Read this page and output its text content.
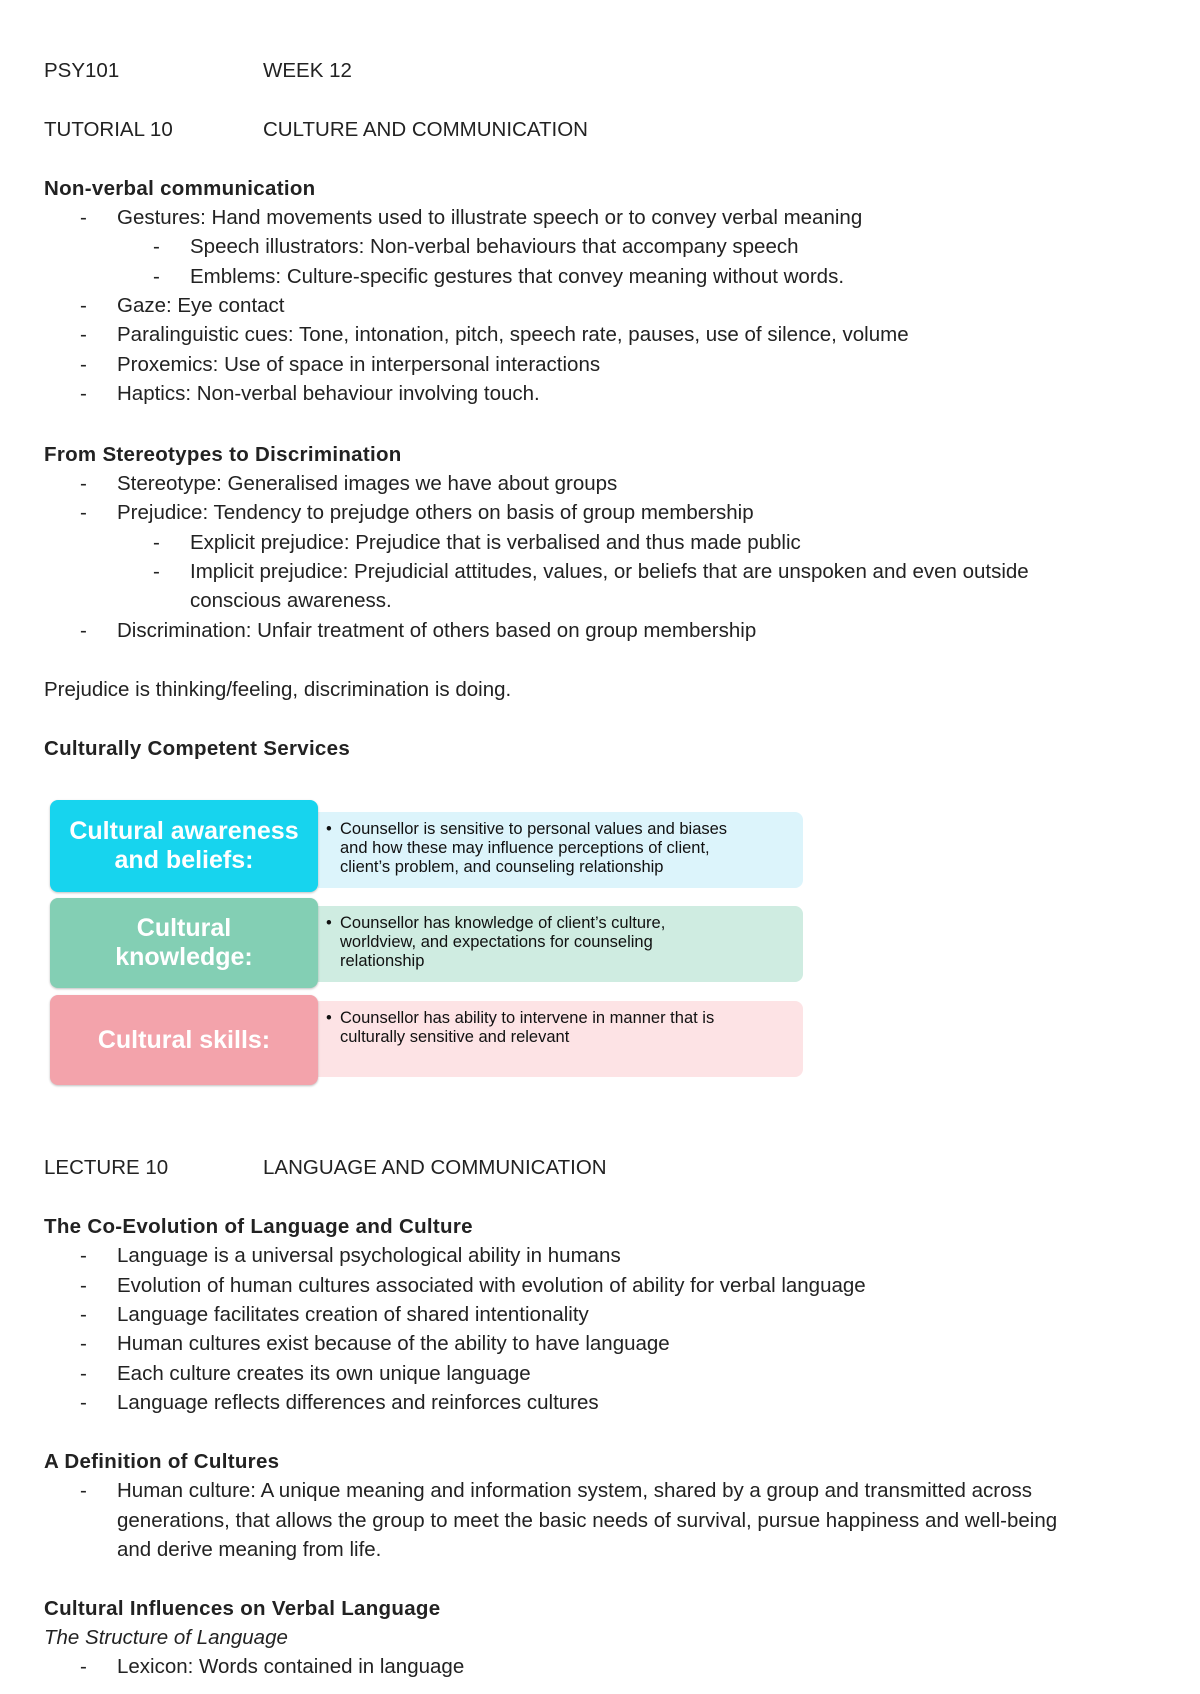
PSY101	WEEK 12
TUTORIAL 10	CULTURE AND COMMUNICATION
Non-verbal communication
- Gestures: Hand movements used to illustrate speech or to convey verbal meaning
- Speech illustrators: Non-verbal behaviours that accompany speech
- Emblems: Culture-specific gestures that convey meaning without words.
- Gaze: Eye contact
- Paralinguistic cues: Tone, intonation, pitch, speech rate, pauses, use of silence, volume
- Proxemics: Use of space in interpersonal interactions
- Haptics: Non-verbal behaviour involving touch.
From Stereotypes to Discrimination
- Stereotype: Generalised images we have about groups
- Prejudice: Tendency to prejudge others on basis of group membership
- Explicit prejudice: Prejudice that is verbalised and thus made public
- Implicit prejudice: Prejudicial attitudes, values, or beliefs that are unspoken and even outside
conscious awareness.
- Discrimination: Unfair treatment of others based on group membership
Prejudice is thinking/feeling, discrimination is doing.
Culturally Competent Services
• Counsellor is sensitive to personal values and biases
and how these may influence perceptions of client,
client’s problem, and counseling relationship
Cultural awareness
and beliefs:
• Counsellor has knowledge of client’s culture,
worldview, and expectations for counseling
relationship
Cultural
knowledge:
• Counsellor has ability to intervene in manner that is
culturally sensitive and relevant
Cultural skills:
LECTURE 10	LANGUAGE AND COMMUNICATION
The Co-Evolution of Language and Culture
- Language is a universal psychological ability in humans
- Evolution of human cultures associated with evolution of ability for verbal language
- Language facilitates creation of shared intentionality
- Human cultures exist because of the ability to have language
- Each culture creates its own unique language
- Language reflects differences and reinforces cultures
A Definition of Cultures
- Human culture: A unique meaning and information system, shared by a group and transmitted across
generations, that allows the group to meet the basic needs of survival, pursue happiness and well-being
and derive meaning from life.
Cultural Influences on Verbal Language
The Structure of Language
- Lexicon: Words contained in language
